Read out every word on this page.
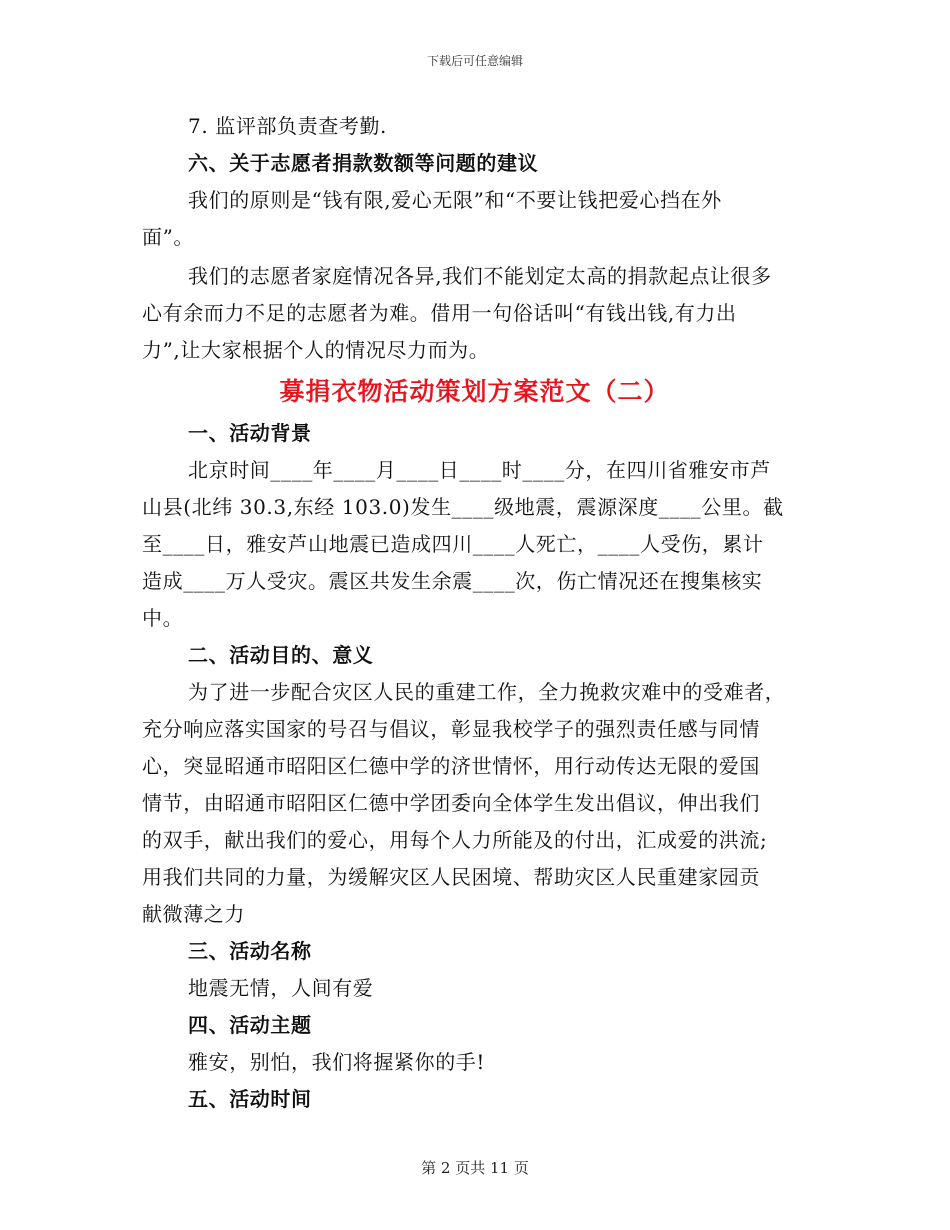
下载后可任意编辑
7. 监评部负责查考勤.
六、关于志愿者捐款数额等问题的建议
我们的原则是“钱有限,爱心无限”和“不要让钱把爱心挡在外
面”。
我们的志愿者家庭情况各异,我们不能划定太高的捐款起点让很多
心有余而力不足的志愿者为难。借用一句俗话叫“有钱出钱,有力出
力”,让大家根据个人的情况尽力而为。
募捐衣物活动策划方案范文（二）
一、活动背景
北京时间____年____月____日____时____分，在四川省雅安市芦
山县(北纬 30.3,东经 103.0)发生____级地震，震源深度____公里。截
至____日，雅安芦山地震已造成四川____人死亡，____人受伤，累计
造成____万人受灾。震区共发生余震____次，伤亡情况还在搜集核实
中。
二、活动目的、意义
为了进一步配合灾区人民的重建工作，全力挽救灾难中的受难者，
充分响应落实国家的号召与倡议，彰显我校学子的强烈责任感与同情
心，突显昭通市昭阳区仁德中学的济世情怀，用行动传达无限的爱国
情节，由昭通市昭阳区仁德中学团委向全体学生发出倡议，伸出我们
的双手，献出我们的爱心，用每个人力所能及的付出，汇成爱的洪流;
用我们共同的力量，为缓解灾区人民困境、帮助灾区人民重建家园贡
献微薄之力
三、活动名称
地震无情，人间有爱
四、活动主题
雅安，别怕，我们将握紧你的手!
五、活动时间
第 2 页共 11 页
